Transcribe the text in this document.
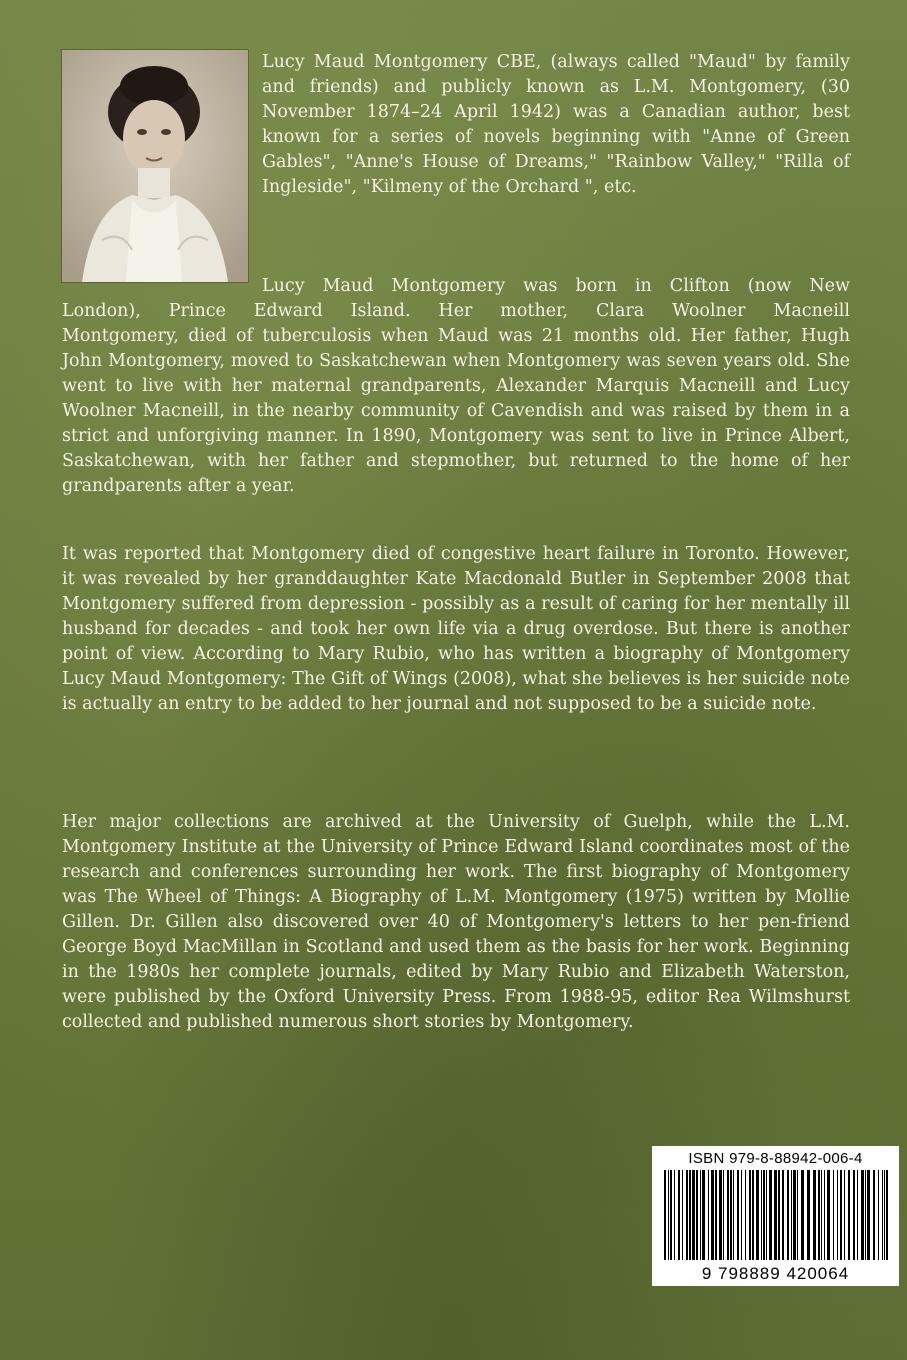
Lucy Maud Montgomery CBE, (always called "Maud" by family and friends) and publicly known as L.M. Montgomery, (30 November 1874–24 April 1942) was a Canadian author, best known for a series of novels beginning with "Anne of Green Gables", "Anne's House of Dreams," "Rainbow Valley," "Rilla of Ingleside", "Kilmeny of the Orchard ", etc.

Lucy Maud Montgomery was born in Clifton (now New

London), Prince Edward Island. Her mother, Clara Woolner Macneill

Montgomery, died of tuberculosis when Maud was 21 months old. Her father, Hugh John Montgomery, moved to Saskatchewan when Montgomery was seven years old. She went to live with her maternal grandparents, Alexander Marquis Macneill and Lucy Woolner Macneill, in the nearby community of Cavendish and was raised by them in a strict and unforgiving manner. In 1890, Montgomery was sent to live in Prince Albert, Saskatchewan, with her father and stepmother, but returned to the home of her grandparents after a year.

It was reported that Montgomery died of congestive heart failure in Toronto. However, it was revealed by her granddaughter Kate Macdonald Butler in September 2008 that Montgomery suffered from depression - possibly as a result of caring for her mentally ill husband for decades - and took her own life via a drug overdose. But there is another point of view. According to Mary Rubio, who has written a biography of Montgomery Lucy Maud Montgomery: The Gift of Wings (2008), what she believes is her suicide note is actually an entry to be added to her journal and not supposed to be a suicide note.

Her major collections are archived at the University of Guelph, while the L.M. Montgomery Institute at the University of Prince Edward Island coordinates most of the research and conferences surrounding her work. The first biography of Montgomery was The Wheel of Things: A Biography of L.M. Montgomery (1975) written by Mollie Gillen. Dr. Gillen also discovered over 40 of Montgomery's letters to her pen-friend George Boyd MacMillan in Scotland and used them as the basis for her work. Beginning in the 1980s her complete journals, edited by Mary Rubio and Elizabeth Waterston, were published by the Oxford University Press. From 1988-95, editor Rea Wilmshurst collected and published numerous short stories by Montgomery.

ISBN 979-8-88942-006-4
9 798889 420064
